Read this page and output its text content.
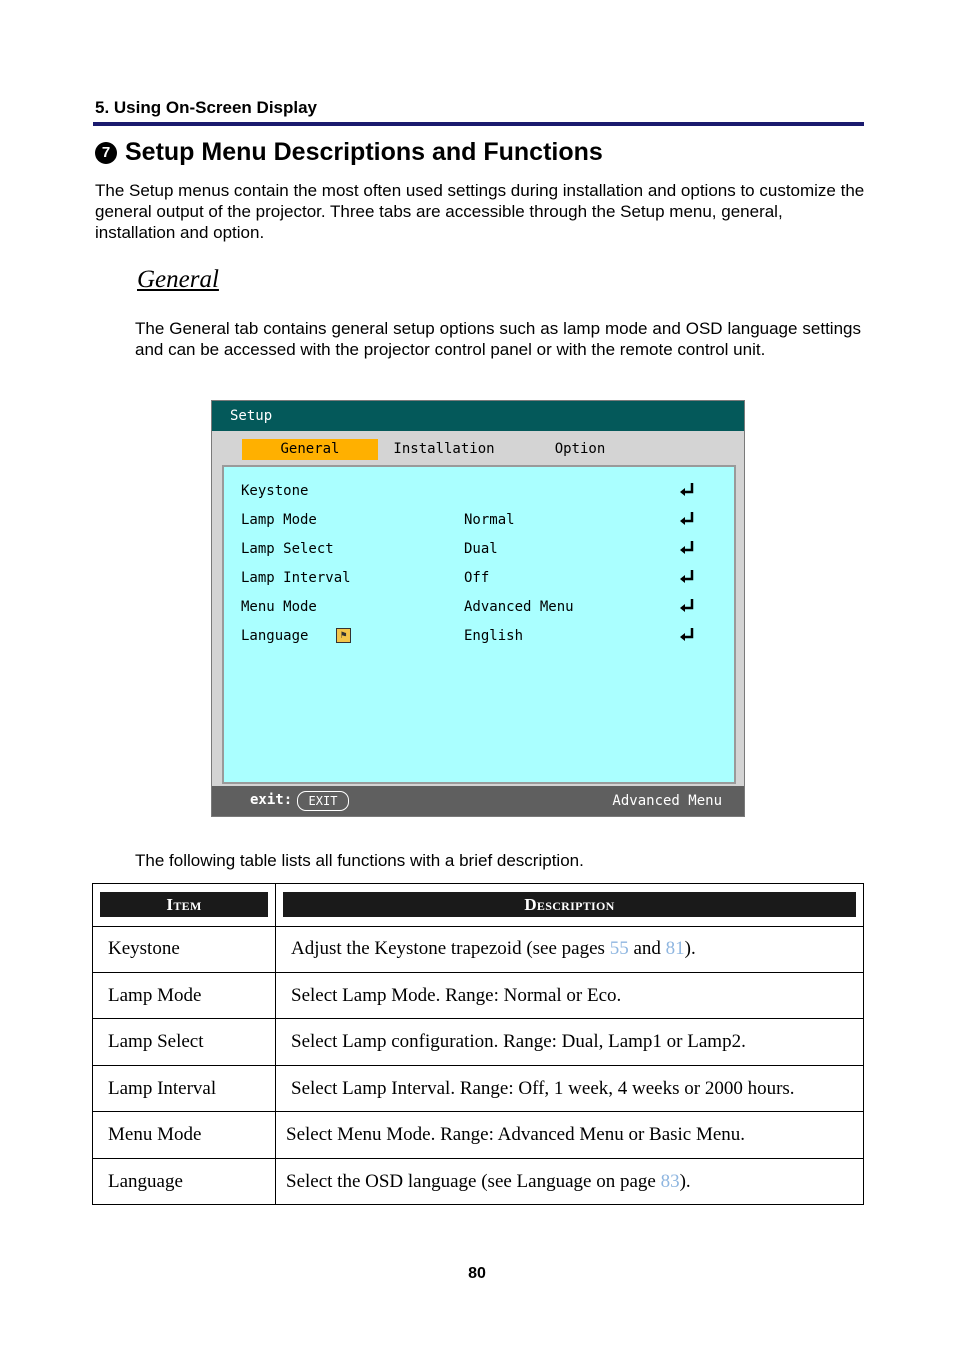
5. Using On-Screen Display
7 Setup Menu Descriptions and Functions
The Setup menus contain the most often used settings during installation and options to customize the general output of the projector. Three tabs are accessible through the Setup menu, general, installation and option.
General
The General tab contains general setup options such as lamp mode and OSD language settings and can be accessed with the projector control panel or with the remote control unit.
Setup
General	Installation	Option
Keystone
Lamp Mode	Normal
Lamp Select	Dual
Lamp Interval	Off
Menu Mode	Advanced Menu
Language	⚑	English
exit:	EXIT	Advanced Menu
The following table lists all functions with a brief description.
Item	Description
Keystone	Adjust the Keystone trapezoid (see pages 55 and 81).
Lamp Mode	Select Lamp Mode. Range: Normal or Eco.
Lamp Select	Select Lamp configuration. Range: Dual, Lamp1 or Lamp2.
Lamp Interval	Select Lamp Interval. Range: Off, 1 week, 4 weeks or 2000 hours.
Menu Mode	Select Menu Mode. Range: Advanced Menu or Basic Menu.
Language	Select the OSD language (see Language on page 83).
80
